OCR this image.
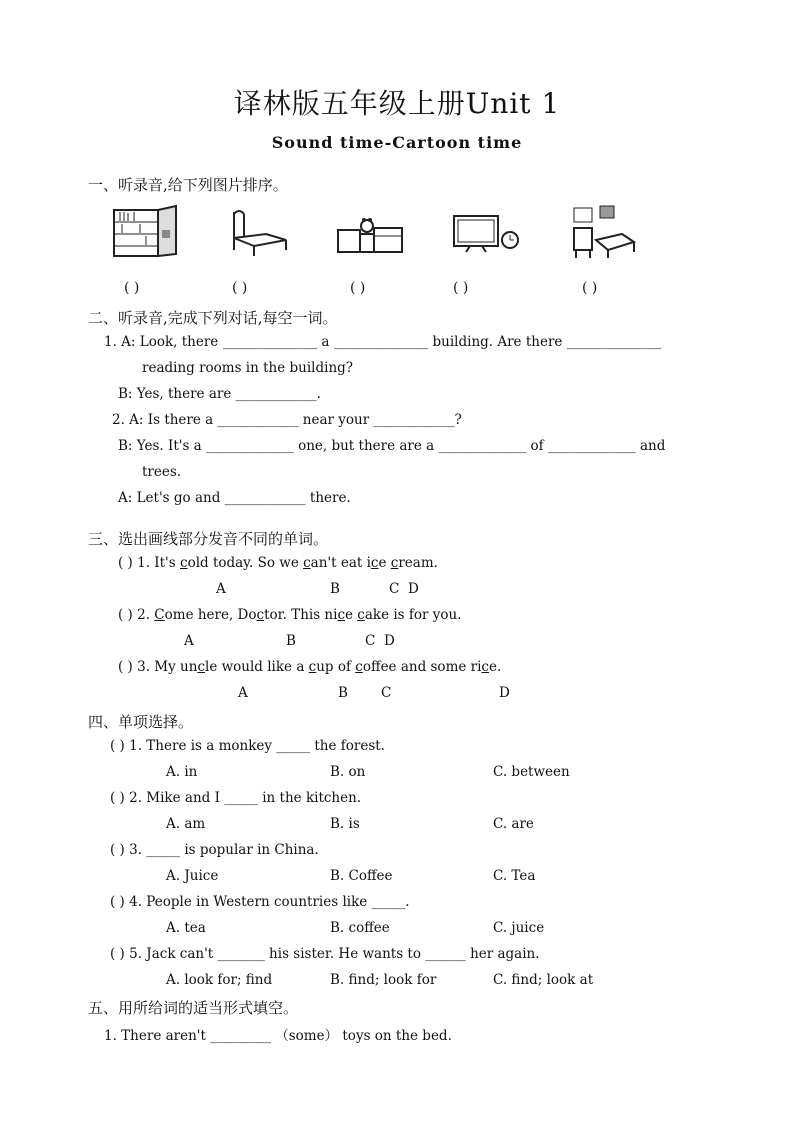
译林版五年级上册Unit 1
Sound time-Cartoon time
一、听录音,给下列图片排序。
( )	( )	( )	( )	( )
二、听录音,完成下列对话,每空一词。
1. A: Look, there ______________ a ______________ building. Are there ______________
reading rooms in the building?
B: Yes, there are ____________.
2. A: Is there a ____________ near your ____________?
B: Yes. It's a _____________ one, but there are a _____________ of _____________ and
trees.
A: Let's go and ____________ there.
三、选出画线部分发音不同的单词。
( ) 1. It's cold today. So we can't eat ice cream.
A	B	C D
( ) 2. Come here, Doctor. This nice cake is for you.
A	B	C D
( ) 3. My uncle would like a cup of coffee and some rice.
A	B C	D
四、单项选择。
( ) 1. There is a monkey _____ the forest.
A. in	B. on	C. between
( ) 2. Mike and I _____ in the kitchen.
A. am	B. is	C. are
( ) 3. _____ is popular in China.
A. Juice	B. Coffee	C. Tea
( ) 4. People in Western countries like _____.
A. tea	B. coffee	C. juice
( ) 5. Jack can't _______ his sister. He wants to ______ her again.
A. look for; find	B. find; look for	C. find; look at
五、用所给词的适当形式填空。
1. There aren't _________ （some） toys on the bed.
